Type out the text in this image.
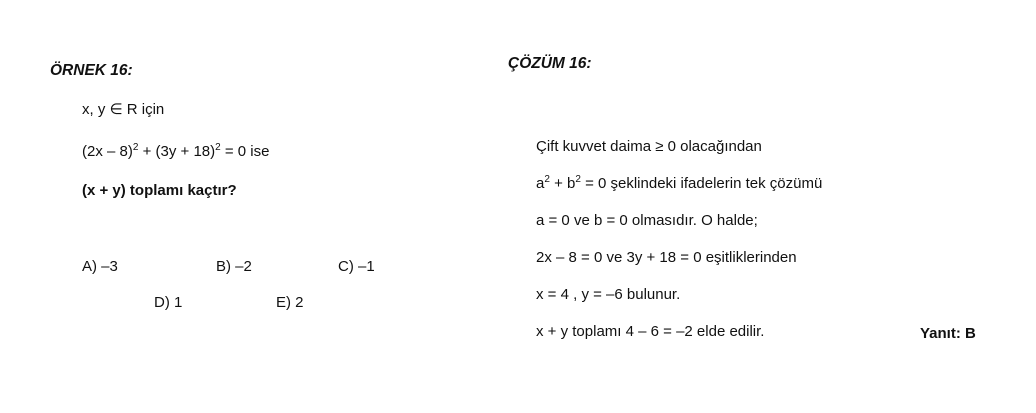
ÖRNEK 16:
x, y ∈ R için
$(2x - 8)^2 + (3y + 18)^2 = 0$ ise
(x + y) toplamı kaçtır?
A) –3	B) –2	C) –1
D) 1	E) 2
ÇÖZÜM 16:
Çift kuvvet daima ≥ 0 olacağından
$a^2 + b^2 = 0$ şeklindeki ifadelerin tek çözümü
a = 0 ve b = 0 olmasıdır. O halde;
2x – 8 = 0 ve 3y + 18 = 0 eşitliklerinden
x = 4 , y = –6 bulunur.
x + y toplamı 4 – 6 = –2 elde edilir.	Yanıt: B
